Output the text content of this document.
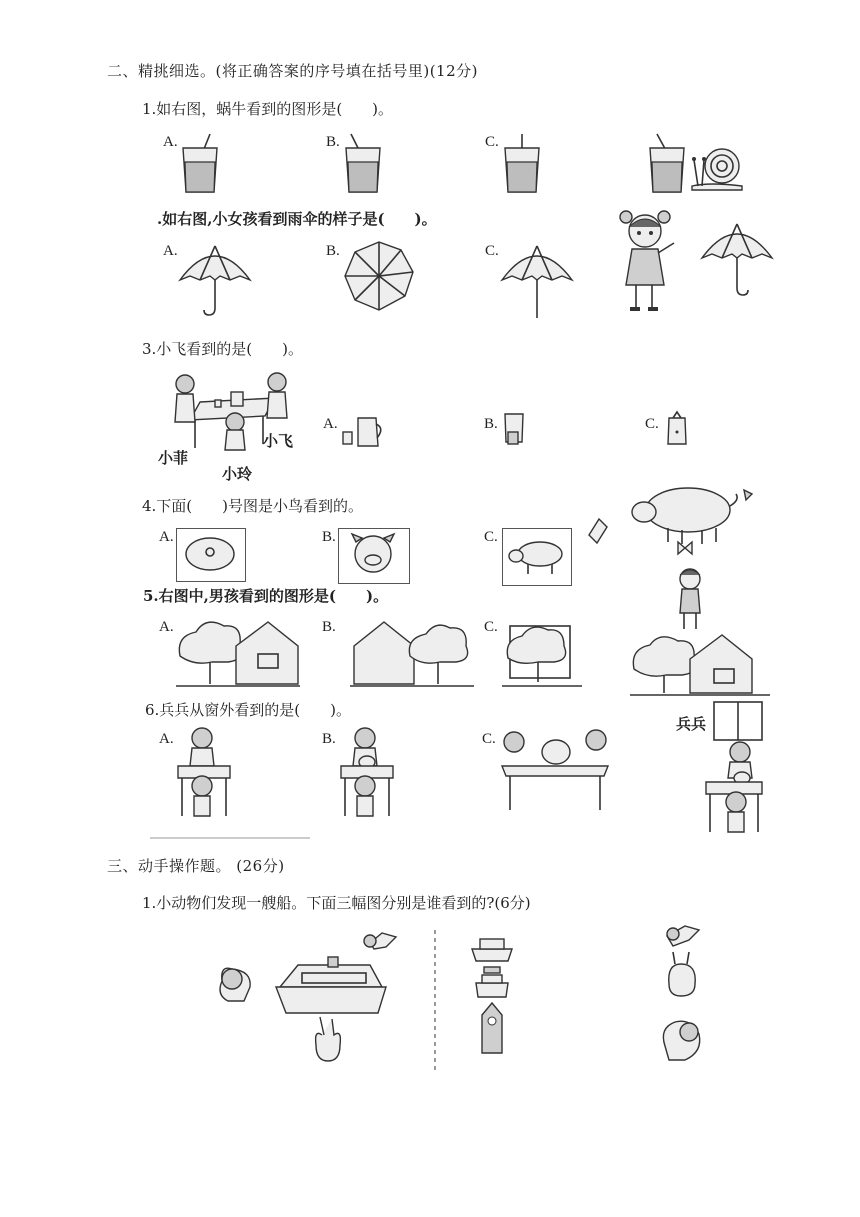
二、精挑细选。(将正确答案的序号填在括号里)(12分)
1.如右图，蜗牛看到的图形是(　　)。
A.	B.	C.
.如右图,小女孩看到雨伞的样子是(　　)。
A.	B.	C.
3.小飞看到的是(　　)。
小菲
小飞
小玲
A.	B.	C.
4.下面(　　)号图是小鸟看到的。
A.	B.	C.
5.右图中,男孩看到的图形是(　　)。
A.	B.	C.
6.兵兵从窗外看到的是(　　)。
A.	B.	C.
兵兵
三、动手操作题。 (26分)
1.小动物们发现一艘船。下面三幅图分别是谁看到的?(6分)
